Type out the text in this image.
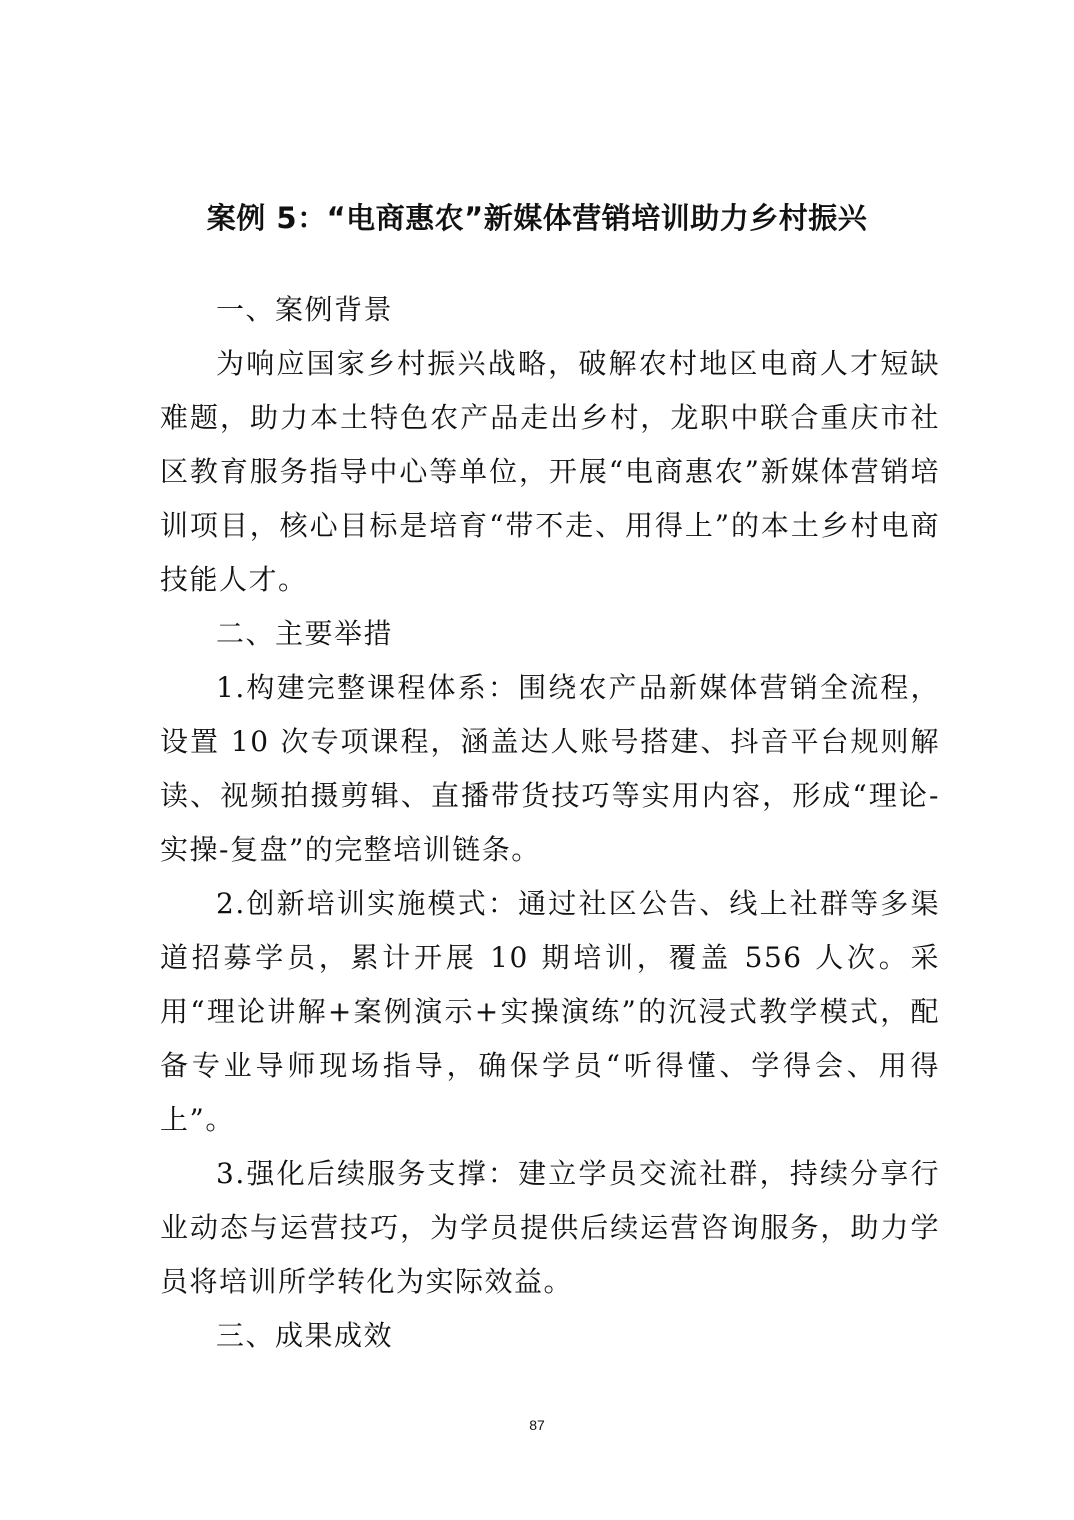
案例 5：“电商惠农”新媒体营销培训助力乡村振兴

一、案例背景

为响应国家乡村振兴战略，破解农村地区电商人才短缺难题，助力本土特色农产品走出乡村，龙职中联合重庆市社区教育服务指导中心等单位，开展“电商惠农”新媒体营销培训项目，核心目标是培育“带不走、用得上”的本土乡村电商技能人才。

二、主要举措

1.构建完整课程体系：围绕农产品新媒体营销全流程，设置 10 次专项课程，涵盖达人账号搭建、抖音平台规则解读、视频拍摄剪辑、直播带货技巧等实用内容，形成“理论-实操-复盘”的完整培训链条。

2.创新培训实施模式：通过社区公告、线上社群等多渠道招募学员，累计开展 10 期培训，覆盖 556 人次。采用“理论讲解+案例演示+实操演练”的沉浸式教学模式，配备专业导师现场指导，确保学员“听得懂、学得会、用得上”。

3.强化后续服务支撑：建立学员交流社群，持续分享行业动态与运营技巧，为学员提供后续运营咨询服务，助力学员将培训所学转化为实际效益。

三、成果成效

87
